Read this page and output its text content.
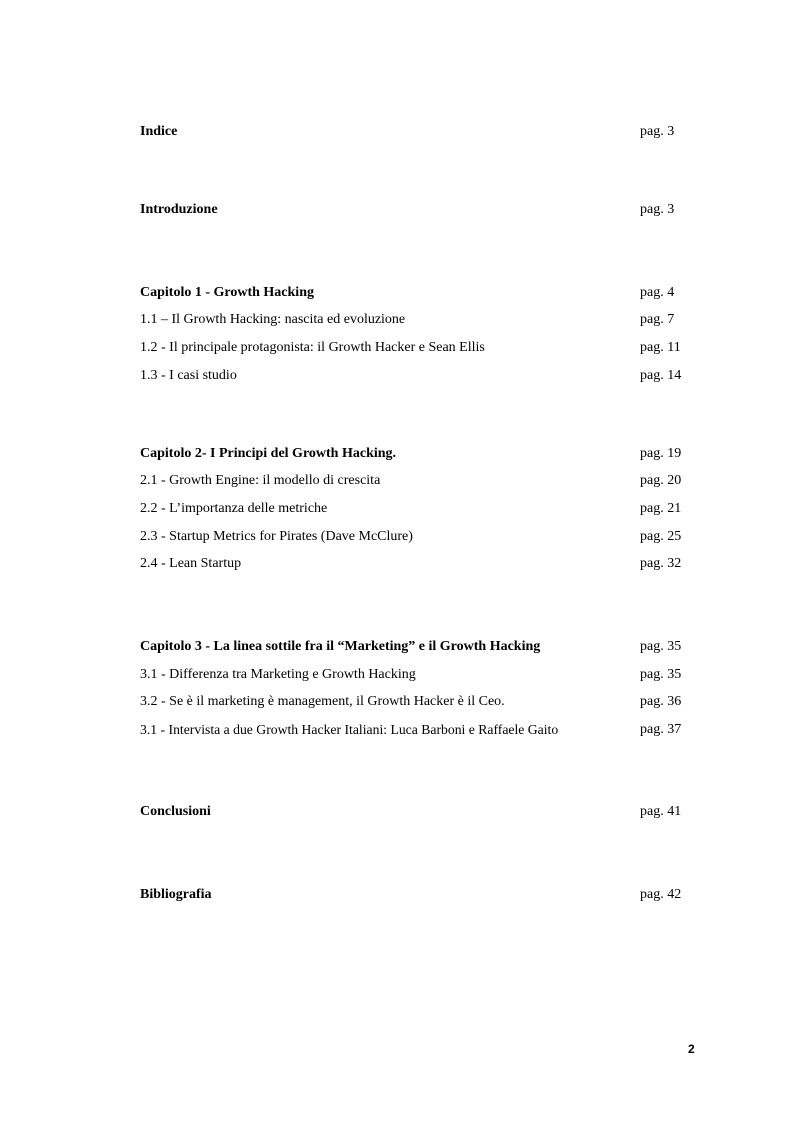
Indice	pag. 3
Introduzione	pag. 3
Capitolo 1 - Growth Hacking	pag. 4
1.1 – Il Growth Hacking: nascita ed evoluzione	pag. 7
1.2 - Il principale protagonista: il Growth Hacker e Sean Ellis	pag. 11
1.3 - I casi studio	pag. 14
Capitolo 2- I Principi del Growth Hacking.	pag. 19
2.1 - Growth Engine: il modello di crescita	pag. 20
2.2 - L’importanza delle metriche	pag. 21
2.3 - Startup Metrics for Pirates (Dave McClure)	pag. 25
2.4 - Lean Startup	pag. 32
Capitolo 3 - La linea sottile fra il “Marketing” e il Growth Hacking	pag. 35
3.1 - Differenza tra Marketing e Growth Hacking	pag. 35
3.2 - Se è il marketing è management, il Growth Hacker è il Ceo.	pag. 36
3.1 - Intervista a due Growth Hacker Italiani: Luca Barboni e Raffaele Gaito	pag. 37
Conclusioni	pag. 41
Bibliografia	pag. 42
2
